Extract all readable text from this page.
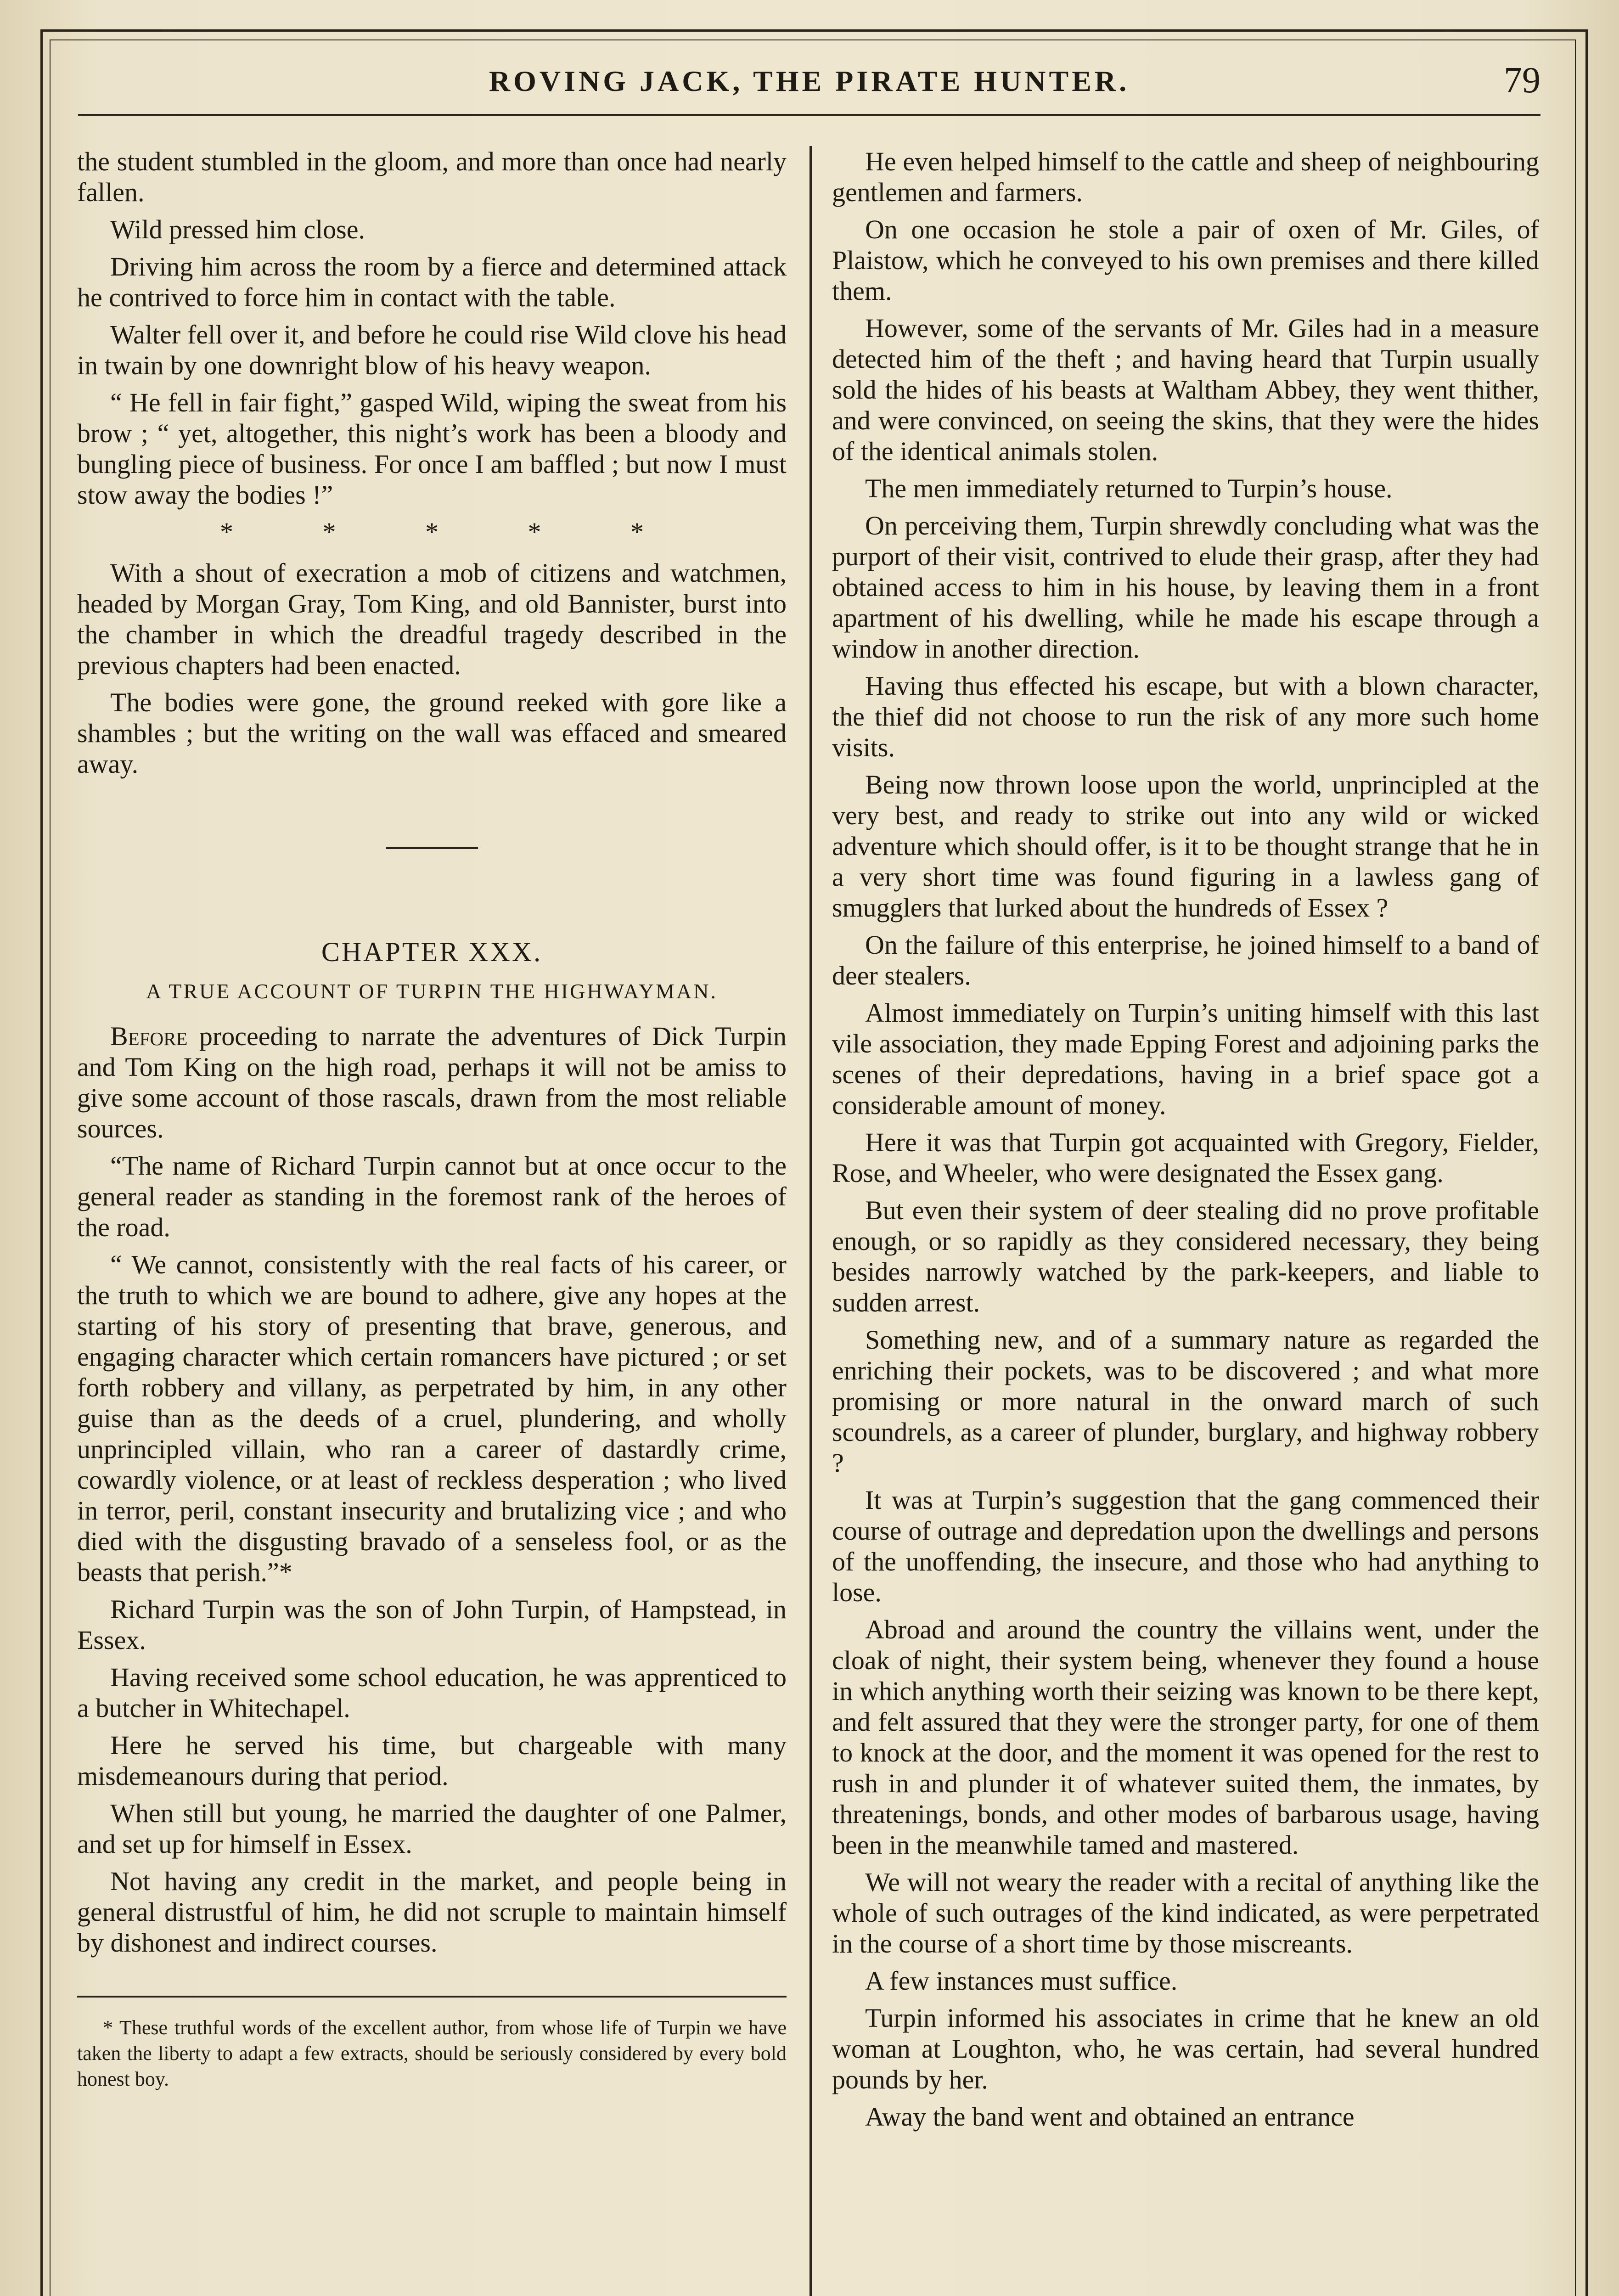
ROVING JACK, THE PIRATE HUNTER.	79

the student stumbled in the gloom, and more than once had nearly fallen.

Wild pressed him close.

Driving him across the room by a fierce and determined attack he contrived to force him in contact with the table.

Walter fell over it, and before he could rise Wild clove his head in twain by one downright blow of his heavy weapon.

“ He fell in fair fight,” gasped Wild, wiping the sweat from his brow ; “ yet, altogether, this night’s work has been a bloody and bungling piece of business. For once I am baffled ; but now I must stow away the bodies !”

* * * * *

With a shout of execration a mob of citizens and watchmen, headed by Morgan Gray, Tom King, and old Bannister, burst into the chamber in which the dreadful tragedy described in the previous chapters had been enacted.

The bodies were gone, the ground reeked with gore like a shambles ; but the writing on the wall was effaced and smeared away.

CHAPTER XXX.
A TRUE ACCOUNT OF TURPIN THE HIGHWAYMAN.

Before proceeding to narrate the adventures of Dick Turpin and Tom King on the high road, perhaps it will not be amiss to give some account of those rascals, drawn from the most reliable sources.

“The name of Richard Turpin cannot but at once occur to the general reader as standing in the foremost rank of the heroes of the road.

“ We cannot, consistently with the real facts of his career, or the truth to which we are bound to adhere, give any hopes at the starting of his story of presenting that brave, generous, and engaging character which certain romancers have pictured ; or set forth robbery and villany, as perpetrated by him, in any other guise than as the deeds of a cruel, plundering, and wholly unprincipled villain, who ran a career of dastardly crime, cowardly violence, or at least of reckless desperation ; who lived in terror, peril, constant insecurity and brutalizing vice ; and who died with the disgusting bravado of a senseless fool, or as the beasts that perish.”*

Richard Turpin was the son of John Turpin, of Hampstead, in Essex.

Having received some school education, he was apprenticed to a butcher in Whitechapel.

Here he served his time, but chargeable with many misdemeanours during that period.

When still but young, he married the daughter of one Palmer, and set up for himself in Essex.

Not having any credit in the market, and people being in general distrustful of him, he did not scruple to maintain himself by dishonest and indirect courses.

* These truthful words of the excellent author, from whose life of Turpin we have taken the liberty to adapt a few extracts, should be seriously considered by every bold honest boy.

He even helped himself to the cattle and sheep of neighbouring gentlemen and farmers.

On one occasion he stole a pair of oxen of Mr. Giles, of Plaistow, which he conveyed to his own premises and there killed them.

However, some of the servants of Mr. Giles had in a measure detected him of the theft ; and having heard that Turpin usually sold the hides of his beasts at Waltham Abbey, they went thither, and were convinced, on seeing the skins, that they were the hides of the identical animals stolen.

The men immediately returned to Turpin’s house.

On perceiving them, Turpin shrewdly concluding what was the purport of their visit, contrived to elude their grasp, after they had obtained access to him in his house, by leaving them in a front apartment of his dwelling, while he made his escape through a window in another direction.

Having thus effected his escape, but with a blown character, the thief did not choose to run the risk of any more such home visits.

Being now thrown loose upon the world, unprincipled at the very best, and ready to strike out into any wild or wicked adventure which should offer, is it to be thought strange that he in a very short time was found figuring in a lawless gang of smugglers that lurked about the hundreds of Essex ?

On the failure of this enterprise, he joined himself to a band of deer stealers.

Almost immediately on Turpin’s uniting himself with this last vile association, they made Epping Forest and adjoining parks the scenes of their depredations, having in a brief space got a considerable amount of money.

Here it was that Turpin got acquainted with Gregory, Fielder, Rose, and Wheeler, who were designated the Essex gang.

But even their system of deer stealing did no prove profitable enough, or so rapidly as they considered necessary, they being besides narrowly watched by the park-keepers, and liable to sudden arrest.

Something new, and of a summary nature as regarded the enriching their pockets, was to be discovered ; and what more promising or more natural in the onward march of such scoundrels, as a career of plunder, burglary, and highway robbery ?

It was at Turpin’s suggestion that the gang commenced their course of outrage and depredation upon the dwellings and persons of the unoffending, the insecure, and those who had anything to lose.

Abroad and around the country the villains went, under the cloak of night, their system being, whenever they found a house in which anything worth their seizing was known to be there kept, and felt assured that they were the stronger party, for one of them to knock at the door, and the moment it was opened for the rest to rush in and plunder it of whatever suited them, the inmates, by threatenings, bonds, and other modes of barbarous usage, having been in the meanwhile tamed and mastered.

We will not weary the reader with a recital of anything like the whole of such outrages of the kind indicated, as were perpetrated in the course of a short time by those miscreants.

A few instances must suffice.

Turpin informed his associates in crime that he knew an old woman at Loughton, who, he was certain, had several hundred pounds by her.

Away the band went and obtained an entrance
